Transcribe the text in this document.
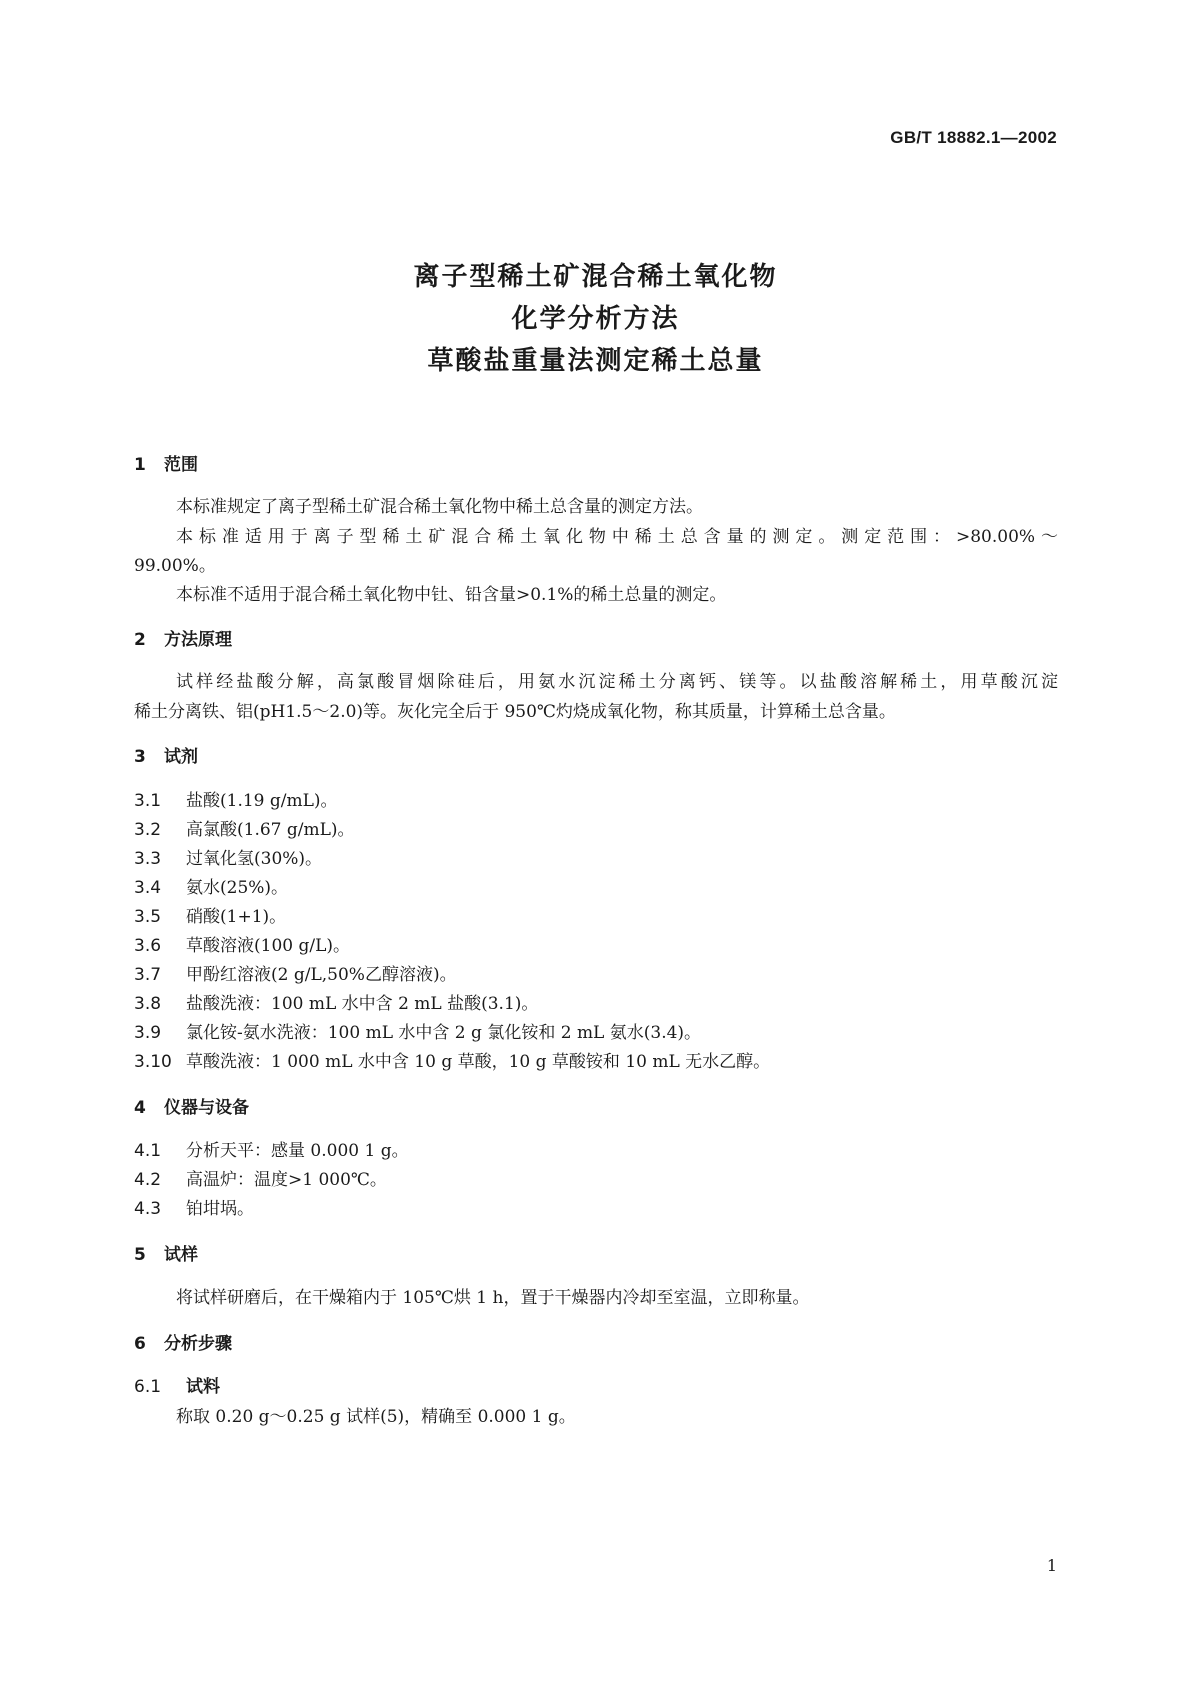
GB/T 18882.1—2002
离子型稀土矿混合稀土氧化物
化学分析方法
草酸盐重量法测定稀土总量
1 范围
本标准规定了离子型稀土矿混合稀土氧化物中稀土总含量的测定方法。
本标准适用于离子型稀土矿混合稀土氧化物中稀土总含量的测定。测定范围：>80.00%～
99.00%。
本标准不适用于混合稀土氧化物中钍、铅含量>0.1%的稀土总量的测定。
2 方法原理
试样经盐酸分解，高氯酸冒烟除硅后，用氨水沉淀稀土分离钙、镁等。以盐酸溶解稀土，用草酸沉淀
稀土分离铁、铝(pH1.5～2.0)等。灰化完全后于 950℃灼烧成氧化物，称其质量，计算稀土总含量。
3 试剂
3.1 盐酸(1.19 g/mL)。
3.2 高氯酸(1.67 g/mL)。
3.3 过氧化氢(30%)。
3.4 氨水(25%)。
3.5 硝酸(1+1)。
3.6 草酸溶液(100 g/L)。
3.7 甲酚红溶液(2 g/L,50%乙醇溶液)。
3.8 盐酸洗液：100 mL 水中含 2 mL 盐酸(3.1)。
3.9 氯化铵-氨水洗液：100 mL 水中含 2 g 氯化铵和 2 mL 氨水(3.4)。
3.10 草酸洗液：1 000 mL 水中含 10 g 草酸，10 g 草酸铵和 10 mL 无水乙醇。
4 仪器与设备
4.1 分析天平：感量 0.000 1 g。
4.2 高温炉：温度>1 000℃。
4.3 铂坩埚。
5 试样
将试样研磨后，在干燥箱内于 105℃烘 1 h，置于干燥器内冷却至室温，立即称量。
6 分析步骤
6.1 试料
称取 0.20 g～0.25 g 试样(5)，精确至 0.000 1 g。
1
